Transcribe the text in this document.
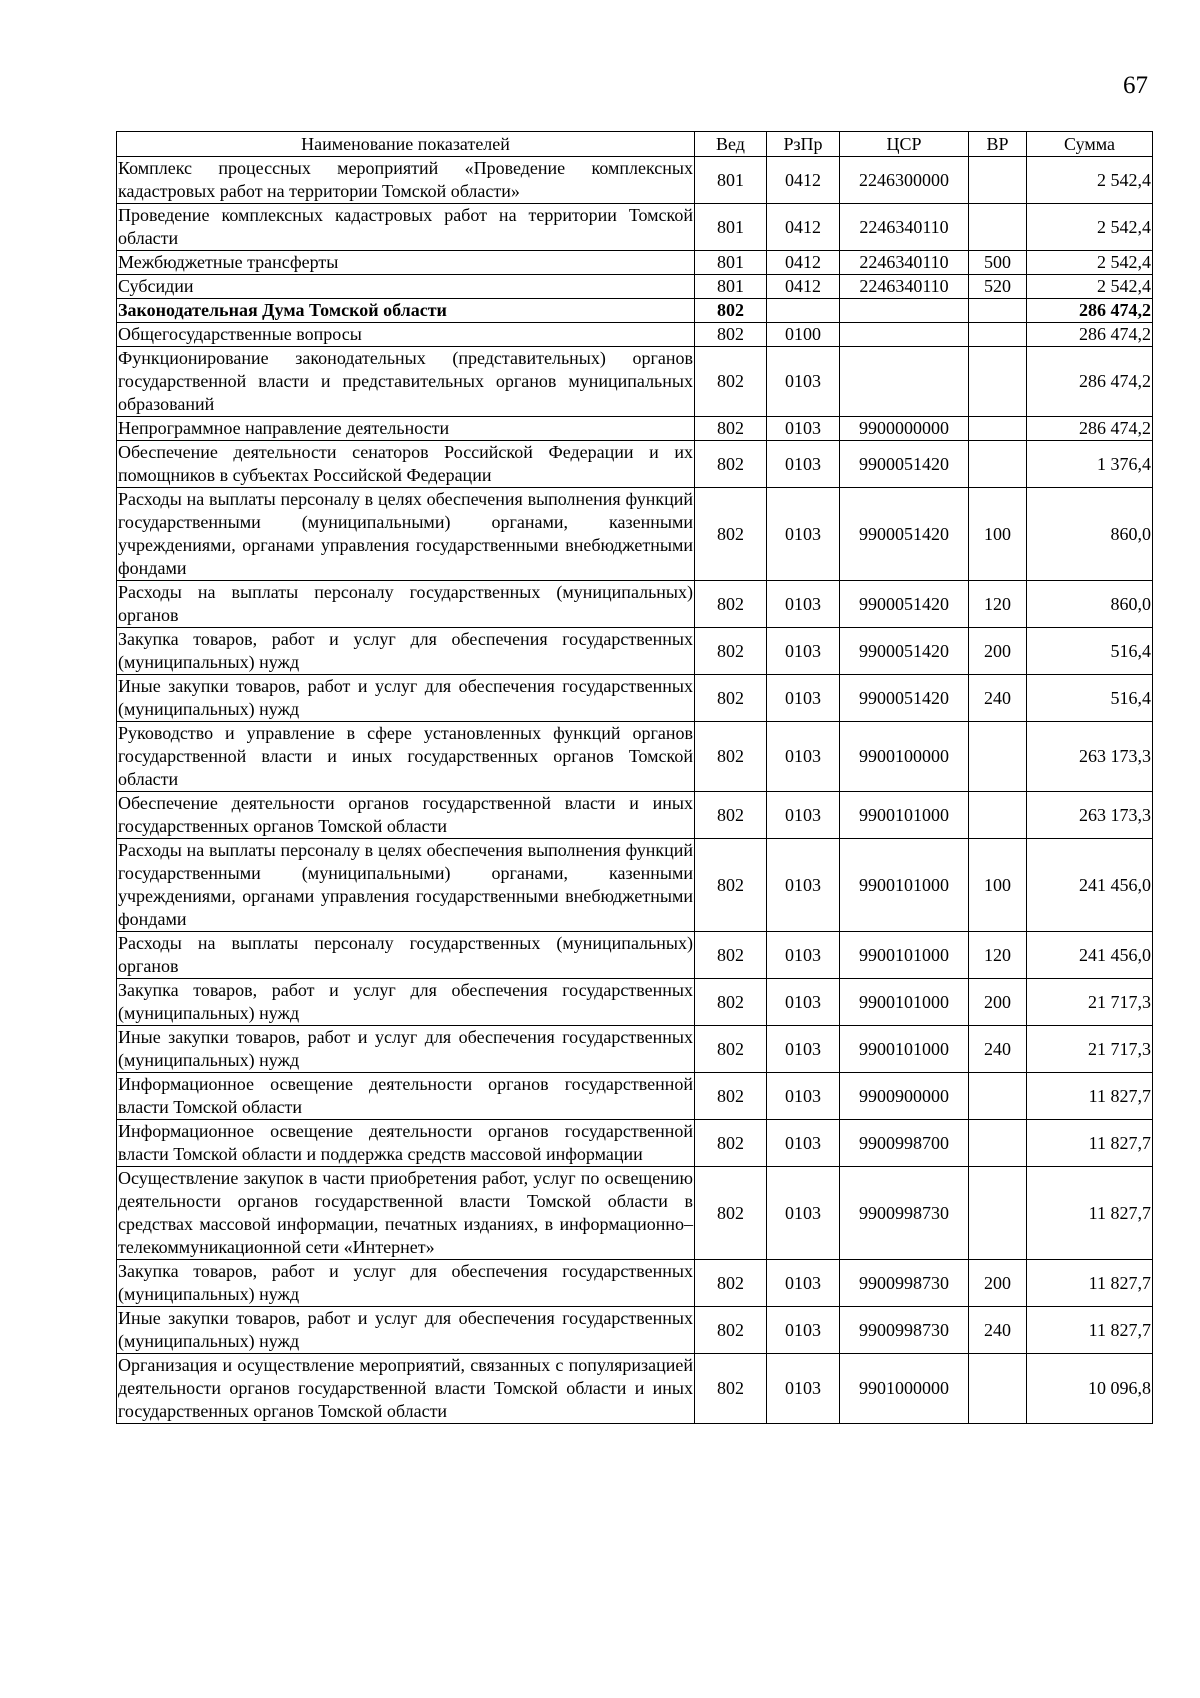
67
Наименование показателей	Вед	РзПр	ЦСР	ВР	Сумма
Комплекс процессных мероприятий «Проведение комплексных кадастровых работ на территории Томской области»	801	0412	2246300000		2 542,4
Проведение комплексных кадастровых работ на территории Томской области	801	0412	2246340110		2 542,4
Межбюджетные трансферты	801	0412	2246340110	500	2 542,4
Субсидии	801	0412	2246340110	520	2 542,4
Законодательная Дума Томской области	802				286 474,2
Общегосударственные вопросы	802	0100			286 474,2
Функционирование законодательных (представительных) органов государственной власти и представительных органов муниципальных образований	802	0103			286 474,2
Непрограммное направление деятельности	802	0103	9900000000		286 474,2
Обеспечение деятельности сенаторов Российской Федерации и их помощников в субъектах Российской Федерации	802	0103	9900051420		1 376,4
Расходы на выплаты персоналу в целях обеспечения выполнения функций государственными (муниципальными) органами, казенными учреждениями, органами управления государственными внебюджетными фондами	802	0103	9900051420	100	860,0
Расходы на выплаты персоналу государственных (муниципальных) органов	802	0103	9900051420	120	860,0
Закупка товаров, работ и услуг для обеспечения государственных (муниципальных) нужд	802	0103	9900051420	200	516,4
Иные закупки товаров, работ и услуг для обеспечения государственных (муниципальных) нужд	802	0103	9900051420	240	516,4
Руководство и управление в сфере установленных функций органов государственной власти и иных государственных органов Томской области	802	0103	9900100000		263 173,3
Обеспечение деятельности органов государственной власти и иных государственных органов Томской области	802	0103	9900101000		263 173,3
Расходы на выплаты персоналу в целях обеспечения выполнения функций государственными (муниципальными) органами, казенными учреждениями, органами управления государственными внебюджетными фондами	802	0103	9900101000	100	241 456,0
Расходы на выплаты персоналу государственных (муниципальных) органов	802	0103	9900101000	120	241 456,0
Закупка товаров, работ и услуг для обеспечения государственных (муниципальных) нужд	802	0103	9900101000	200	21 717,3
Иные закупки товаров, работ и услуг для обеспечения государственных (муниципальных) нужд	802	0103	9900101000	240	21 717,3
Информационное освещение деятельности органов государственной власти Томской области	802	0103	9900900000		11 827,7
Информационное освещение деятельности органов государственной власти Томской области и поддержка средств массовой информации	802	0103	9900998700		11 827,7
Осуществление закупок в части приобретения работ, услуг по освещению деятельности органов государственной власти Томской области в средствах массовой информации, печатных изданиях, в информационно–телекоммуникационной сети «Интернет»	802	0103	9900998730		11 827,7
Закупка товаров, работ и услуг для обеспечения государственных (муниципальных) нужд	802	0103	9900998730	200	11 827,7
Иные закупки товаров, работ и услуг для обеспечения государственных (муниципальных) нужд	802	0103	9900998730	240	11 827,7
Организация и осуществление мероприятий, связанных с популяризацией деятельности органов государственной власти Томской области и иных государственных органов Томской области	802	0103	9901000000		10 096,8
